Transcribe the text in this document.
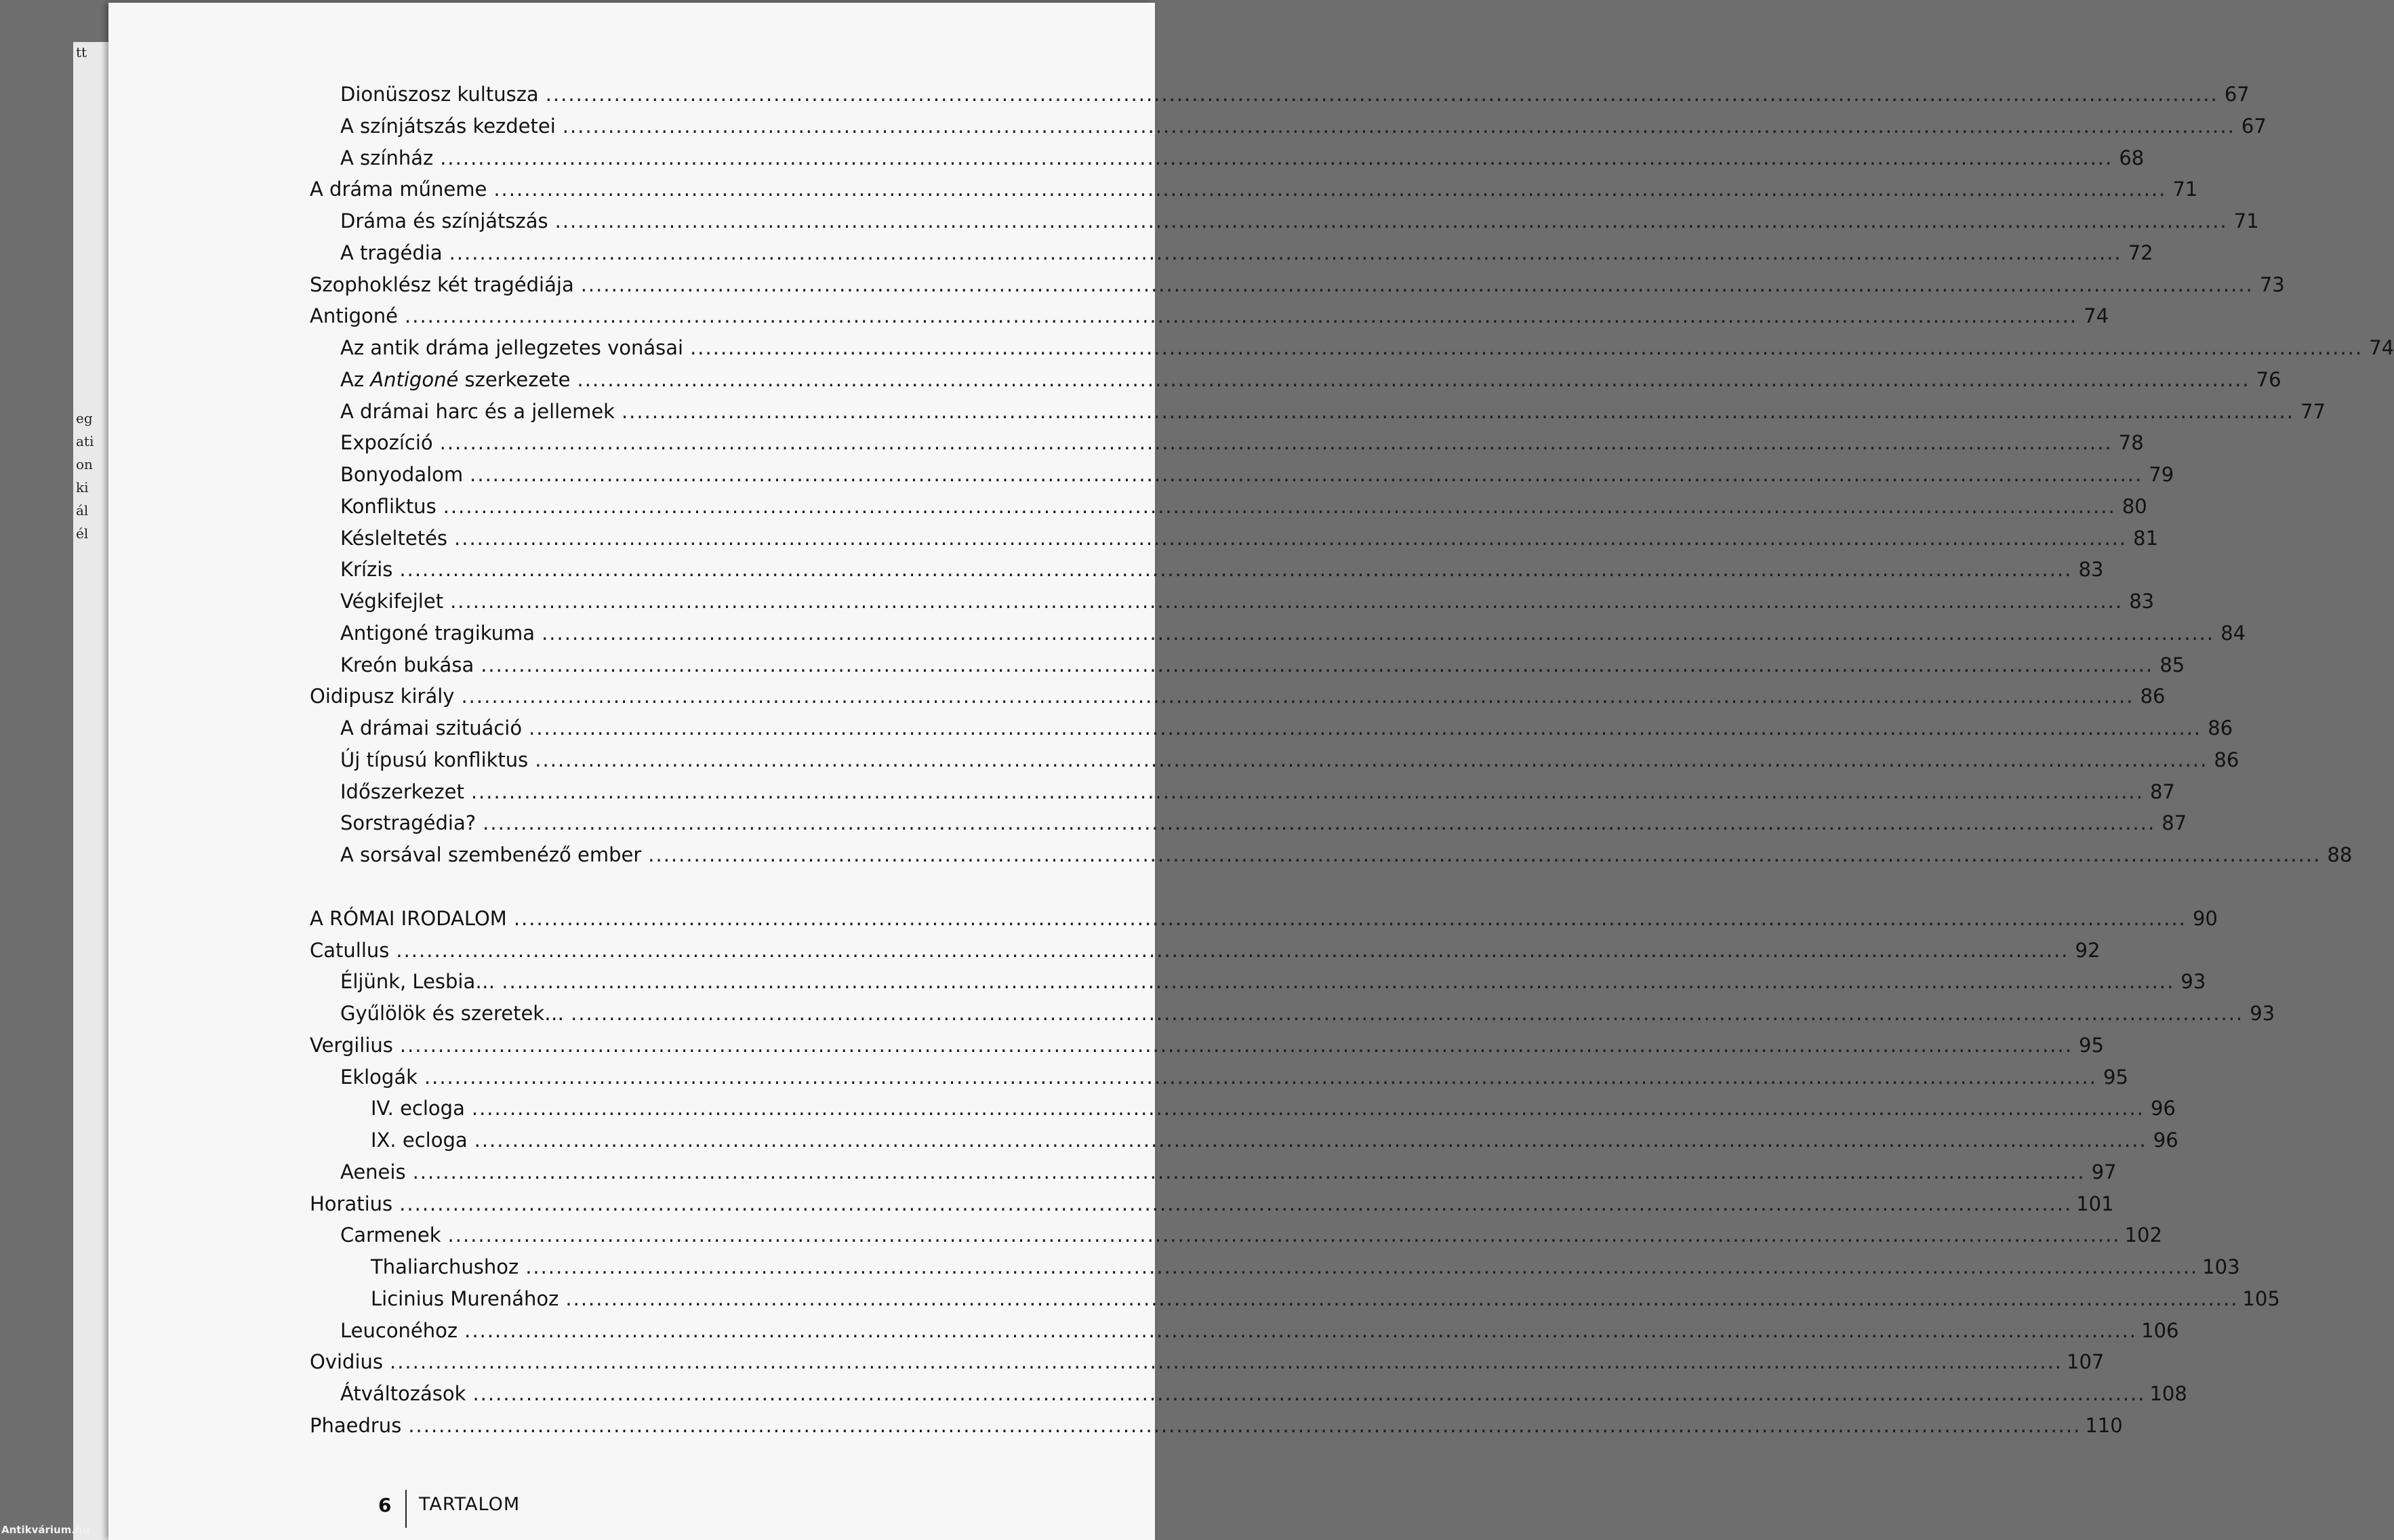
tt
eg
ati
on
ki
ál
él
Dionüszosz kultusza ............................................................................................................................................................................................................................ 67
A színjátszás kezdetei ............................................................................................................................................................................................................................ 67
A színház ............................................................................................................................................................................................................................ 68
A dráma műneme ............................................................................................................................................................................................................................ 71
Dráma és színjátszás ............................................................................................................................................................................................................................ 71
A tragédia ............................................................................................................................................................................................................................ 72
Szophoklész két tragédiája ............................................................................................................................................................................................................................ 73
Antigoné ............................................................................................................................................................................................................................ 74
Az antik dráma jellegzetes vonásai ............................................................................................................................................................................................................................ 74
Az Antigoné szerkezete ............................................................................................................................................................................................................................ 76
A drámai harc és a jellemek ............................................................................................................................................................................................................................ 77
Expozíció ............................................................................................................................................................................................................................ 78
Bonyodalom ............................................................................................................................................................................................................................ 79
Konfliktus ............................................................................................................................................................................................................................ 80
Késleltetés ............................................................................................................................................................................................................................ 81
Krízis ............................................................................................................................................................................................................................ 83
Végkifejlet ............................................................................................................................................................................................................................ 83
Antigoné tragikuma ............................................................................................................................................................................................................................ 84
Kreón bukása ............................................................................................................................................................................................................................ 85
Oidipusz király ............................................................................................................................................................................................................................ 86
A drámai szituáció ............................................................................................................................................................................................................................ 86
Új típusú konfliktus ............................................................................................................................................................................................................................ 86
Időszerkezet ............................................................................................................................................................................................................................ 87
Sorstragédia? ............................................................................................................................................................................................................................ 87
A sorsával szembenéző ember ............................................................................................................................................................................................................................ 88
A RÓMAI IRODALOM ............................................................................................................................................................................................................................ 90
Catullus ............................................................................................................................................................................................................................ 92
Éljünk, Lesbia… ............................................................................................................................................................................................................................ 93
Gyűlölök és szeretek… ............................................................................................................................................................................................................................ 93
Vergilius ............................................................................................................................................................................................................................ 95
Eklogák ............................................................................................................................................................................................................................ 95
IV. ecloga ............................................................................................................................................................................................................................ 96
IX. ecloga ............................................................................................................................................................................................................................ 96
Aeneis ............................................................................................................................................................................................................................ 97
Horatius ............................................................................................................................................................................................................................ 101
Carmenek ............................................................................................................................................................................................................................ 102
Thaliarchushoz ............................................................................................................................................................................................................................ 103
Licinius Murenához ............................................................................................................................................................................................................................ 105
Leuconéhoz ............................................................................................................................................................................................................................ 106
Ovidius ............................................................................................................................................................................................................................ 107
Átváltozások ............................................................................................................................................................................................................................ 108
Phaedrus ............................................................................................................................................................................................................................ 110
6 TARTALOM
Antikvárium.hu
